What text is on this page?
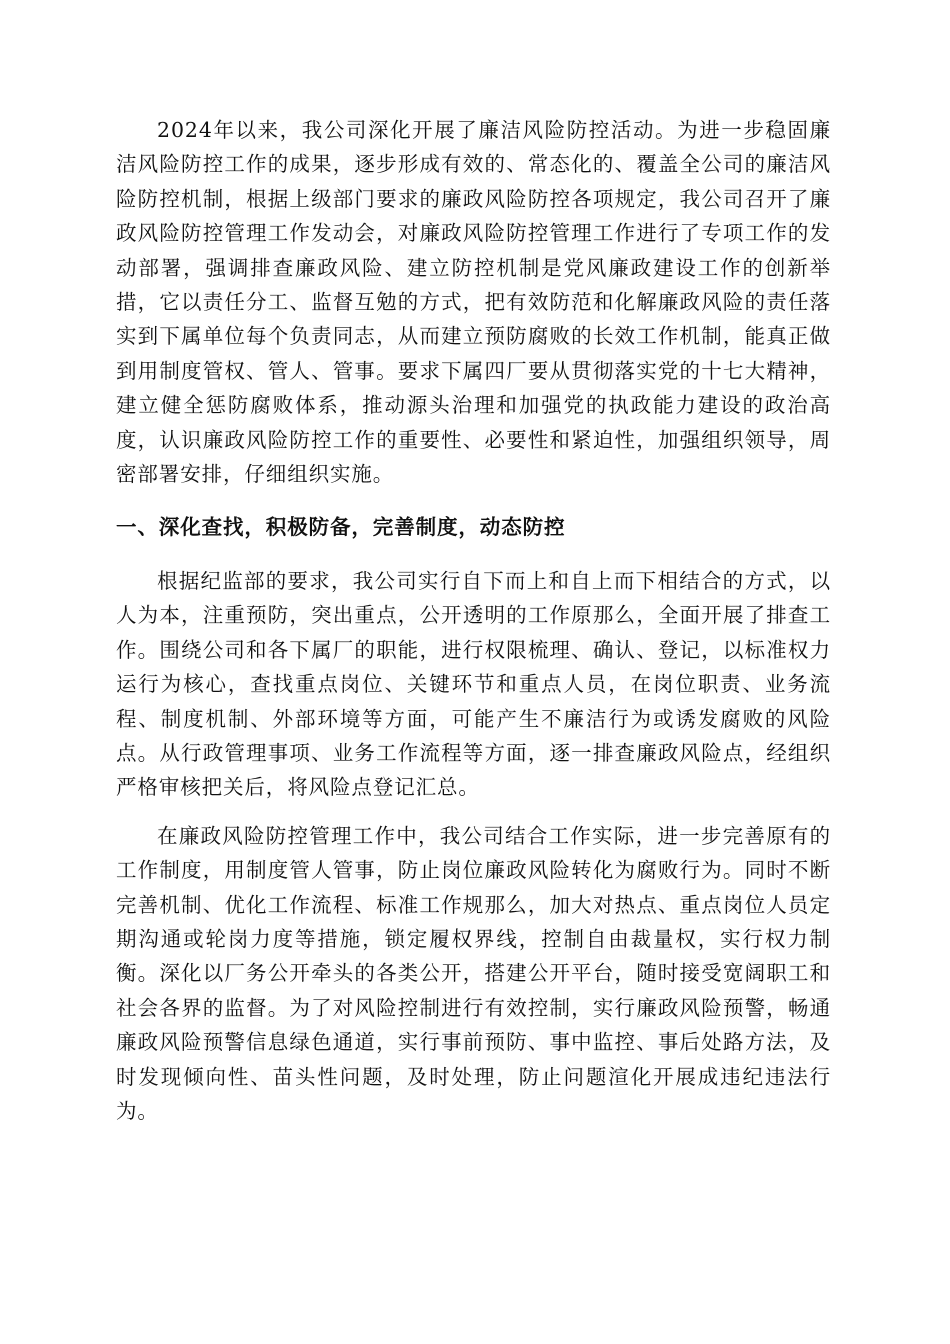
2024年以来，我公司深化开展了廉洁风险防控活动。为进一步稳固廉洁风险防控工作的成果，逐步形成有效的、常态化的、覆盖全公司的廉洁风险防控机制，根据上级部门要求的廉政风险防控各项规定，我公司召开了廉政风险防控管理工作发动会，对廉政风险防控管理工作进行了专项工作的发动部署，强调排查廉政风险、建立防控机制是党风廉政建设工作的创新举措，它以责任分工、监督互勉的方式，把有效防范和化解廉政风险的责任落实到下属单位每个负责同志，从而建立预防腐败的长效工作机制，能真正做到用制度管权、管人、管事。要求下属四厂要从贯彻落实党的十七大精神，建立健全惩防腐败体系，推动源头治理和加强党的执政能力建设的政治高度，认识廉政风险防控工作的重要性、必要性和紧迫性，加强组织领导，周密部署安排，仔细组织实施。

一、深化查找，积极防备，完善制度，动态防控

根据纪监部的要求，我公司实行自下而上和自上而下相结合的方式，以人为本，注重预防，突出重点，公开透明的工作原那么，全面开展了排查工作。围绕公司和各下属厂的职能，进行权限梳理、确认、登记，以标准权力运行为核心，查找重点岗位、关键环节和重点人员，在岗位职责、业务流程、制度机制、外部环境等方面，可能产生不廉洁行为或诱发腐败的风险点。从行政管理事项、业务工作流程等方面，逐一排查廉政风险点，经组织严格审核把关后，将风险点登记汇总。

在廉政风险防控管理工作中，我公司结合工作实际，进一步完善原有的工作制度，用制度管人管事，防止岗位廉政风险转化为腐败行为。同时不断完善机制、优化工作流程、标准工作规那么，加大对热点、重点岗位人员定期沟通或轮岗力度等措施，锁定履权界线，控制自由裁量权，实行权力制衡。深化以厂务公开牵头的各类公开，搭建公开平台，随时接受宽阔职工和社会各界的监督。为了对风险控制进行有效控制，实行廉政风险预警，畅通廉政风险预警信息绿色通道，实行事前预防、事中监控、事后处路方法，及时发现倾向性、苗头性问题，及时处理，防止问题渲化开展成违纪违法行为。
